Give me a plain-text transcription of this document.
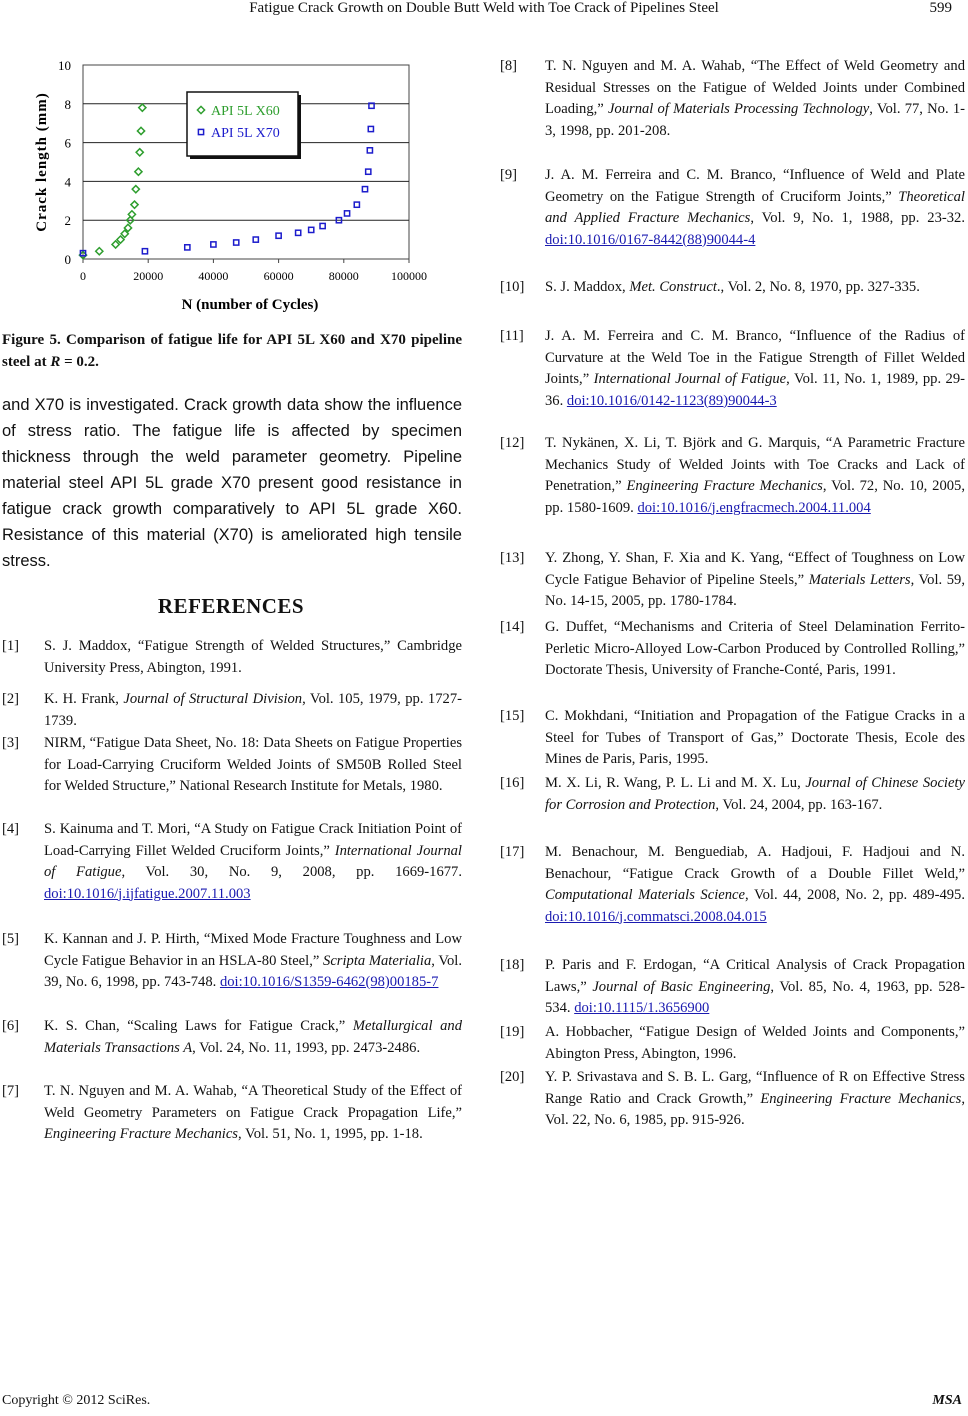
Fatigue Crack Growth on Double Butt Weld with Toe Crack of Pipelines Steel	599
0
2
4
6
8
10
0	20000	40000	60000	80000	100000
N (number of Cycles)
Crack length (mm)	API 5L X60
API 5L X70
Figure 5. Comparison of fatigue life for API 5L X60 and X70 pipeline steel at R = 0.2.
and X70 is investigated. Crack growth data show the influence of stress ratio. The fatigue life is affected by specimen thickness through the weld parameter geometry. Pipeline material steel API 5L grade X70 present good resistance in fatigue crack growth comparatively to API 5L grade X60. Resistance of this material (X70) is ameliorated high tensile stress.
REFERENCES
[1] S. J. Maddox, “Fatigue Strength of Welded Structures,” Cambridge University Press, Abington, 1991.
[2] K. H. Frank, Journal of Structural Division, Vol. 105, 1979, pp. 1727-1739.
[3] NIRM, “Fatigue Data Sheet, No. 18: Data Sheets on Fatigue Properties for Load-Carrying Cruciform Welded Joints of SM50B Rolled Steel for Welded Structure,” National Research Institute for Metals, 1980.
[4] S. Kainuma and T. Mori, “A Study on Fatigue Crack Initiation Point of Load-Carrying Fillet Welded Cruciform Joints,” International Journal of Fatigue, Vol. 30, No. 9, 2008, pp. 1669-1677. doi:10.1016/j.ijfatigue.2007.11.003
[5] K. Kannan and J. P. Hirth, “Mixed Mode Fracture Toughness and Low Cycle Fatigue Behavior in an HSLA-80 Steel,” Scripta Materialia, Vol. 39, No. 6, 1998, pp. 743-748. doi:10.1016/S1359-6462(98)00185-7
[6] K. S. Chan, “Scaling Laws for Fatigue Crack,” Metallurgical and Materials Transactions A, Vol. 24, No. 11, 1993, pp. 2473-2486.
[7] T. N. Nguyen and M. A. Wahab, “A Theoretical Study of the Effect of Weld Geometry Parameters on Fatigue Crack Propagation Life,” Engineering Fracture Mechanics, Vol. 51, No. 1, 1995, pp. 1-18.
[8] T. N. Nguyen and M. A. Wahab, “The Effect of Weld Geometry and Residual Stresses on the Fatigue of Welded Joints under Combined Loading,” Journal of Materials Processing Technology, Vol. 77, No. 1-3, 1998, pp. 201-208.
[9] J. A. M. Ferreira and C. M. Branco, “Influence of Weld and Plate Geometry on the Fatigue Strength of Cruciform Joints,” Theoretical and Applied Fracture Mechanics, Vol. 9, No. 1, 1988, pp. 23-32. doi:10.1016/0167-8442(88)90044-4
[10] S. J. Maddox, Met. Construct., Vol. 2, No. 8, 1970, pp. 327-335.
[11] J. A. M. Ferreira and C. M. Branco, “Influence of the Radius of Curvature at the Weld Toe in the Fatigue Strength of Fillet Welded Joints,” International Journal of Fatigue, Vol. 11, No. 1, 1989, pp. 29-36. doi:10.1016/0142-1123(89)90044-3
[12] T. Nykänen, X. Li, T. Björk and G. Marquis, “A Parametric Fracture Mechanics Study of Welded Joints with Toe Cracks and Lack of Penetration,” Engineering Fracture Mechanics, Vol. 72, No. 10, 2005, pp. 1580-1609. doi:10.1016/j.engfracmech.2004.11.004
[13] Y. Zhong, Y. Shan, F. Xia and K. Yang, “Effect of Toughness on Low Cycle Fatigue Behavior of Pipeline Steels,” Materials Letters, Vol. 59, No. 14-15, 2005, pp. 1780-1784.
[14] G. Duffet, “Mechanisms and Criteria of Steel Delamination Ferrito-Perletic Micro-Alloyed Low-Carbon Produced by Controlled Rolling,” Doctorate Thesis, University of Franche-Conté, Paris, 1991.
[15] C. Mokhdani, “Initiation and Propagation of the Fatigue Cracks in a Steel for Tubes of Transport of Gas,” Doctorate Thesis, Ecole des Mines de Paris, Paris, 1995.
[16] M. X. Li, R. Wang, P. L. Li and M. X. Lu, Journal of Chinese Society for Corrosion and Protection, Vol. 24, 2004, pp. 163-167.
[17] M. Benachour, M. Benguediab, A. Hadjoui, F. Hadjoui and N. Benachour, “Fatigue Crack Growth of a Double Fillet Weld,” Computational Materials Science, Vol. 44, 2008, No. 2, pp. 489-495. doi:10.1016/j.commatsci.2008.04.015
[18] P. Paris and F. Erdogan, “A Critical Analysis of Crack Propagation Laws,” Journal of Basic Engineering, Vol. 85, No. 4, 1963, pp. 528-534. doi:10.1115/1.3656900
[19] A. Hobbacher, “Fatigue Design of Welded Joints and Components,” Abington Press, Abington, 1996.
[20] Y. P. Srivastava and S. B. L. Garg, “Influence of R on Effective Stress Range Ratio and Crack Growth,” Engineering Fracture Mechanics, Vol. 22, No. 6, 1985, pp. 915-926.
Copyright © 2012 SciRes.	MSA
